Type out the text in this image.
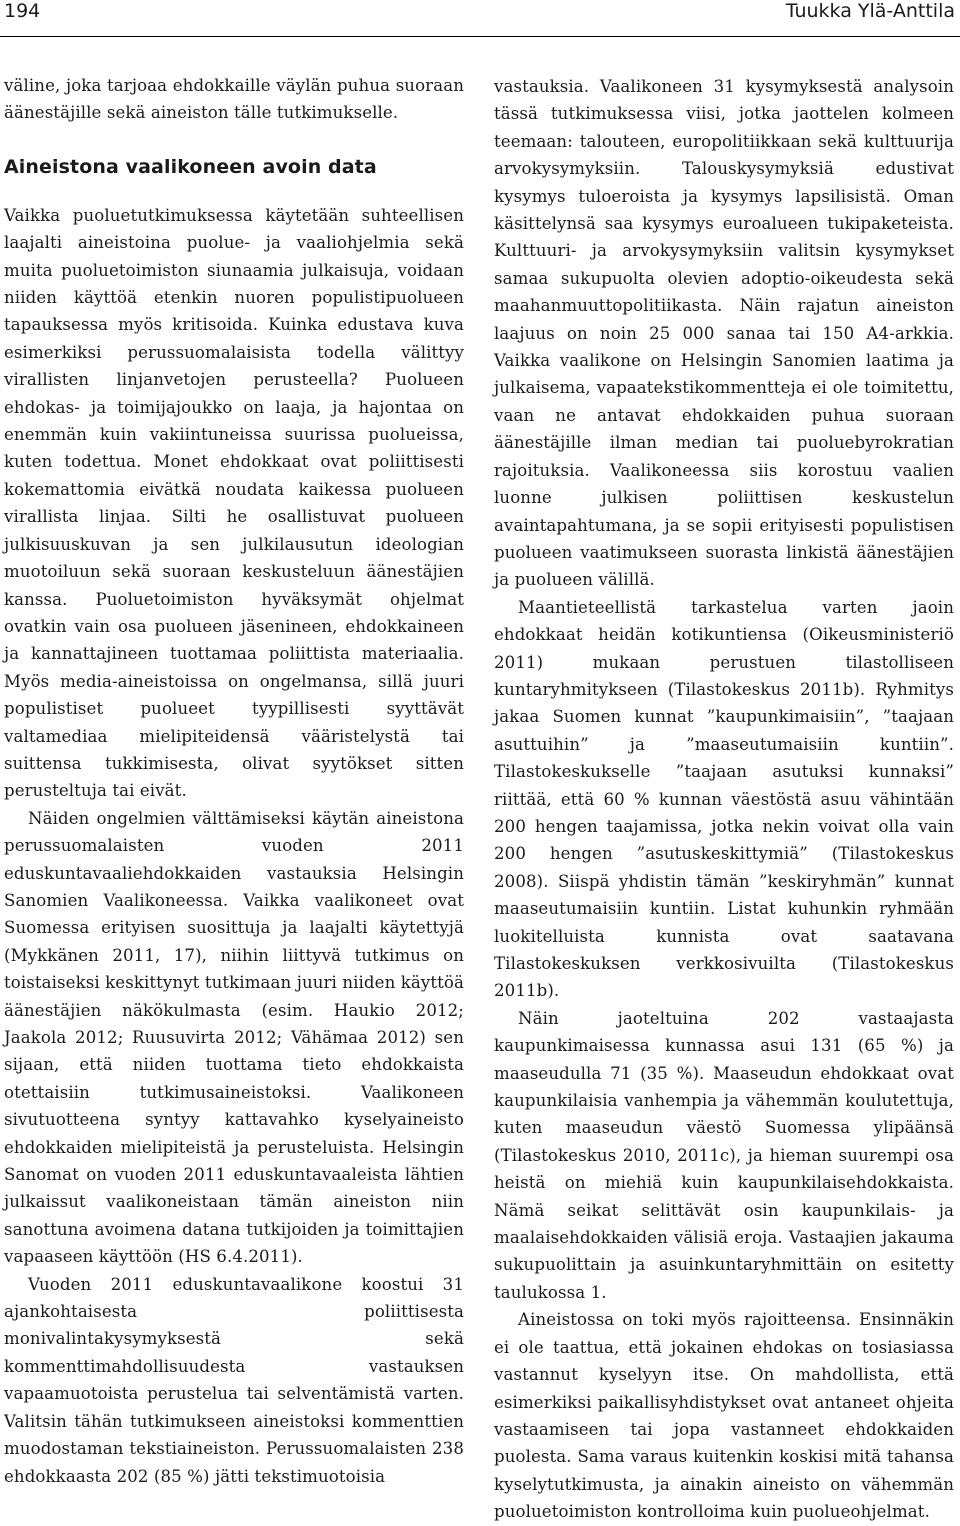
194	Tuukka Ylä-Anttila

väline, joka tarjoaa ehdokkaille väylän puhua suoraan äänestäjille sekä aineiston tälle tutkimukselle.

Aineistona vaalikoneen avoin data

Vaikka puoluetutkimuksessa käytetään suhteellisen laajalti aineistoina puolue- ja vaaliohjelmia sekä muita puoluetoimiston siunaamia julkaisuja, voidaan niiden käyttöä etenkin nuoren populistipuolueen tapauksessa myös kritisoida. Kuinka edustava kuva esimerkiksi perussuomalaisista todella välittyy virallisten linjanvetojen perusteella? Puolueen ehdokas- ja toimijajoukko on laaja, ja hajontaa on enemmän kuin vakiintuneissa suurissa puolueissa, kuten todettua. Monet ehdokkaat ovat poliittisesti kokemattomia eivätkä noudata kaikessa puolueen virallista linjaa. Silti he osallistuvat puolueen julkisuuskuvan ja sen julkilausutun ideologian muotoiluun sekä suoraan keskusteluun äänestäjien kanssa. Puoluetoimiston hyväksymät ohjelmat ovatkin vain osa puolueen jäsenineen, ehdokkaineen ja kannattajineen tuottamaa poliittista materiaalia. Myös media-aineistoissa on ongelmansa, sillä juuri populistiset puolueet tyypillisesti syyttävät valtamediaa mielipiteidensä vääristelystä tai suittensa tukkimisesta, olivat syytökset sitten perusteltuja tai eivät.

Näiden ongelmien välttämiseksi käytän aineistona perussuomalaisten vuoden 2011 eduskuntavaaliehdokkaiden vastauksia Helsingin Sanomien Vaalikoneessa. Vaikka vaalikoneet ovat Suomessa erityisen suosittuja ja laajalti käytettyjä (Mykkänen 2011, 17), niihin liittyvä tutkimus on toistaiseksi keskittynyt tutkimaan juuri niiden käyttöä äänestäjien näkökulmasta (esim. Haukio 2012; Jaakola 2012; Ruusuvirta 2012; Vähämaa 2012) sen sijaan, että niiden tuottama tieto ehdokkaista otettaisiin tutkimusaineistoksi. Vaalikoneen sivutuotteena syntyy kattavahko kyselyaineisto ehdokkaiden mielipiteistä ja perusteluista. Helsingin Sanomat on vuoden 2011 eduskuntavaaleista lähtien julkaissut vaalikoneistaan tämän aineiston niin sanottuna avoimena datana tutkijoiden ja toimittajien vapaaseen käyttöön (HS 6.4.2011).

Vuoden 2011 eduskuntavaalikone koostui 31 ajankohtaisesta poliittisesta monivalintakysymyksestä sekä kommenttimahdollisuudesta vastauksen vapaamuotoista perustelua tai selventämistä varten. Valitsin tähän tutkimukseen aineistoksi kommenttien muodostaman tekstiaineiston. Perussuomalaisten 238 ehdokkaasta 202 (85 %) jätti tekstimuotoisia

vastauksia. Vaalikoneen 31 kysymyksestä analysoin tässä tutkimuksessa viisi, jotka jaottelen kolmeen teemaan: talouteen, europolitiikkaan sekä kulttuurija arvokysymyksiin. Talouskysymyksiä edustivat kysymys tuloeroista ja kysymys lapsilisistä. Oman käsittelynsä saa kysymys euroalueen tukipaketeista. Kulttuuri- ja arvokysymyksiin valitsin kysymykset samaa sukupuolta olevien adoptio-oikeudesta sekä maahanmuuttopolitiikasta. Näin rajatun aineiston laajuus on noin 25 000 sanaa tai 150 A4-arkkia. Vaikka vaalikone on Helsingin Sanomien laatima ja julkaisema, vapaatekstikommentteja ei ole toimitettu, vaan ne antavat ehdokkaiden puhua suoraan äänestäjille ilman median tai puoluebyrokratian rajoituksia. Vaalikoneessa siis korostuu vaalien luonne julkisen poliittisen keskustelun avaintapahtumana, ja se sopii erityisesti populistisen puolueen vaatimukseen suorasta linkistä äänestäjien ja puolueen välillä.

Maantieteellistä tarkastelua varten jaoin ehdokkaat heidän kotikuntiensa (Oikeusministeriö 2011) mukaan perustuen tilastolliseen kuntaryhmitykseen (Tilastokeskus 2011b). Ryhmitys jakaa Suomen kunnat ”kaupunkimaisiin”, ”taajaan asuttuihin” ja ”maaseutumaisiin kuntiin”. Tilastokeskukselle ”taajaan asutuksi kunnaksi” riittää, että 60 % kunnan väestöstä asuu vähintään 200 hengen taajamissa, jotka nekin voivat olla vain 200 hengen ”asutuskeskittymiä” (Tilastokeskus 2008). Siispä yhdistin tämän ”keskiryhmän” kunnat maaseutumaisiin kuntiin. Listat kuhunkin ryhmään luokitelluista kunnista ovat saatavana Tilastokeskuksen verkkosivuilta (Tilastokeskus 2011b).

Näin jaoteltuina 202 vastaajasta kaupunkimaisessa kunnassa asui 131 (65 %) ja maaseudulla 71 (35 %). Maaseudun ehdokkaat ovat kaupunkilaisia vanhempia ja vähemmän koulutettuja, kuten maaseudun väestö Suomessa ylipäänsä (Tilastokeskus 2010, 2011c), ja hieman suurempi osa heistä on miehiä kuin kaupunkilaisehdokkaista. Nämä seikat selittävät osin kaupunkilais- ja maalaisehdokkaiden välisiä eroja. Vastaajien jakauma sukupuolittain ja asuinkuntaryhmittäin on esitetty taulukossa 1.

Aineistossa on toki myös rajoitteensa. Ensinnäkin ei ole taattua, että jokainen ehdokas on tosiasiassa vastannut kyselyyn itse. On mahdollista, että esimerkiksi paikallisyhdistykset ovat antaneet ohjeita vastaamiseen tai jopa vastanneet ehdokkaiden puolesta. Sama varaus kuitenkin koskisi mitä tahansa kyselytutkimusta, ja ainakin aineisto on vähemmän puoluetoimiston kontrolloima kuin puolueohjelmat.
